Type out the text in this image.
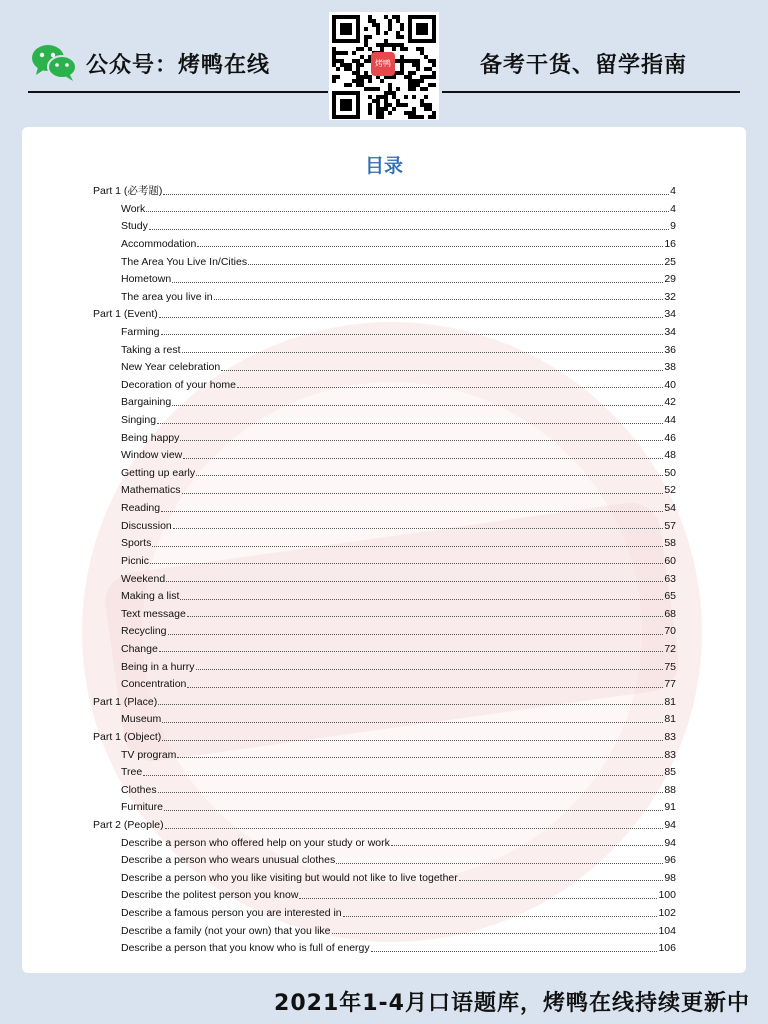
公众号：烤鸭在线	烤鸭	备考干货、留学指南
目录
Part 1 (必考题)	4
Work	4
Study	9
Accommodation	16
The Area You Live In/Cities	25
Hometown	29
The area you live in	32
Part 1 (Event)	34
Farming	34
Taking a rest	36
New Year celebration	38
Decoration of your home	40
Bargaining	42
Singing	44
Being happy	46
Window view	48
Getting up early	50
Mathematics	52
Reading	54
Discussion	57
Sports	58
Picnic	60
Weekend	63
Making a list	65
Text message	68
Recycling	70
Change	72
Being in a hurry	75
Concentration	77
Part 1 (Place)	81
Museum	81
Part 1 (Object)	83
TV program	83
Tree	85
Clothes	88
Furniture	91
Part 2 (People)	94
Describe a person who offered help on your study or work	94
Describe a person who wears unusual clothes	96
Describe a person who you like visiting but would not like to live together	98
Describe the politest person you know	100
Describe a famous person you are interested in	102
Describe a family (not your own) that you like	104
Describe a person that you know who is full of energy	106
2021年1-4月口语题库，烤鸭在线持续更新中
